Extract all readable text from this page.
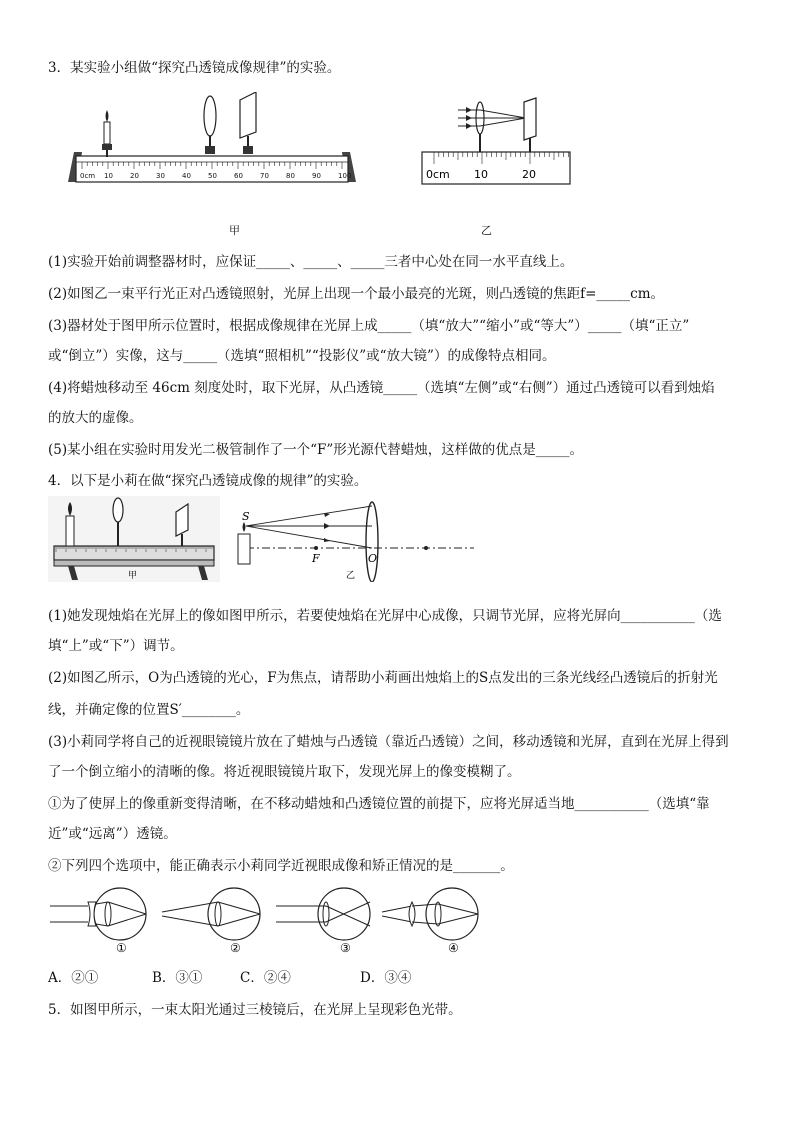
3．某实验小组做“探究凸透镜成像规律”的实验。
0cm 10 20 30 40 50 60 70 80 90 100	0cm 10	20
甲	乙
(1)实验开始前调整器材时，应保证_____、_____、_____三者中心处在同一水平直线上。
(2)如图乙一束平行光正对凸透镜照射，光屏上出现一个最小最亮的光斑，则凸透镜的焦距f=_____cm。
(3)器材处于图甲所示位置时，根据成像规律在光屏上成_____（填“放大”“缩小”或“等大”）_____（填“正立”
或“倒立”）实像，这与_____（选填“照相机”“投影仪”或“放大镜”）的成像特点相同。
(4)将蜡烛移动至 46cm 刻度处时，取下光屏，从凸透镜_____（选填“左侧”或“右侧”）通过凸透镜可以看到烛焰
的放大的虚像。
(5)某小组在实验时用发光二极管制作了一个“F”形光源代替蜡烛，这样做的优点是_____。
4．以下是小莉在做“探究凸透镜成像的规律”的实验。
甲
S
F	O
乙
(1)她发现烛焰在光屏上的像如图甲所示，若要使烛焰在光屏中心成像，只调节光屏，应将光屏向___________（选
填“上”或“下”）调节。
(2)如图乙所示，O为凸透镜的光心，F为焦点，请帮助小莉画出烛焰上的S点发出的三条光线经凸透镜后的折射光
线，并确定像的位置S′________。
(3)小莉同学将自己的近视眼镜镜片放在了蜡烛与凸透镜（靠近凸透镜）之间，移动透镜和光屏，直到在光屏上得到
了一个倒立缩小的清晰的像。将近视眼镜镜片取下，发现光屏上的像变模糊了。
①为了使屏上的像重新变得清晰，在不移动蜡烛和凸透镜位置的前提下，应将光屏适当地___________（选填“靠
近”或“远离”）透镜。
②下列四个选项中，能正确表示小莉同学近视眼成像和矫正情况的是_______。
①	②	③	④
A．②①	B．③①	C．②④	D．③④
5．如图甲所示，一束太阳光通过三棱镜后，在光屏上呈现彩色光带。
